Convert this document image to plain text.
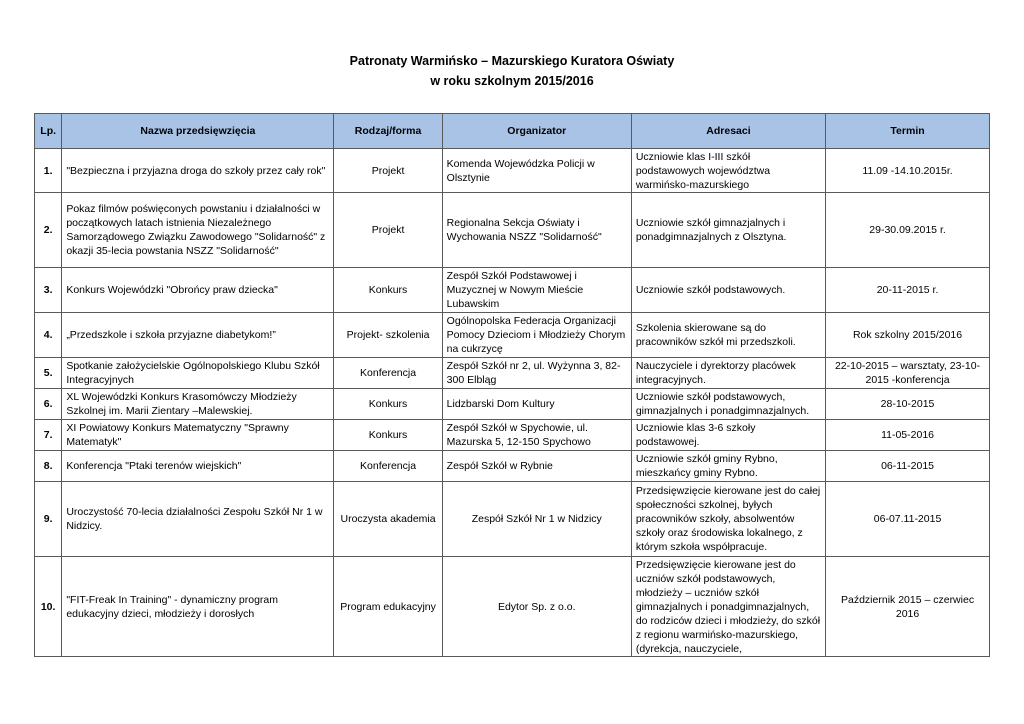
Patronaty Warmińsko – Mazurskiego Kuratora Oświaty
w roku szkolnym 2015/2016
Lp.	Nazwa przedsięwzięcia	Rodzaj/forma	Organizator	Adresaci	Termin
1.	"Bezpieczna i przyjazna droga do szkoły przez cały rok"	Projekt	Komenda Wojewódzka Policji w Olsztynie	Uczniowie klas I-III szkół podstawowych województwa warmińsko-mazurskiego	11.09 -14.10.2015r.
2.	Pokaz filmów poświęconych powstaniu i działalności w początkowych latach istnienia Niezależnego Samorządowego Związku Zawodowego "Solidarność" z okazji 35-lecia powstania NSZZ "Solidarność"	Projekt	Regionalna Sekcja Oświaty i Wychowania NSZZ "Solidarność"	Uczniowie szkół gimnazjalnych i ponadgimnazjalnych z Olsztyna.	29-30.09.2015 r.
3.	Konkurs Wojewódzki "Obrońcy praw dziecka"	Konkurs	Zespół Szkół Podstawowej i Muzycznej w Nowym Mieście Lubawskim	Uczniowie szkół podstawowych.	20-11-2015 r.
4.	„Przedszkole i szkoła przyjazne diabetykom!”	Projekt- szkolenia	Ogólnopolska Federacja Organizacji Pomocy Dzieciom i Młodzieży Chorym na cukrzycę	Szkolenia skierowane są do pracowników szkół mi przedszkoli.	Rok szkolny 2015/2016
5.	Spotkanie założycielskie Ogólnopolskiego Klubu Szkół Integracyjnych	Konferencja	Zespół Szkół nr 2, ul. Wyżynna 3, 82-300 Elbląg	Nauczyciele i dyrektorzy placówek integracyjnych.	22-10-2015 – warsztaty, 23-10-2015 -konferencja
6.	XL Wojewódzki Konkurs Krasomówczy Młodzieży Szkolnej im. Marii Zientary –Malewskiej.	Konkurs	Lidzbarski Dom Kultury	Uczniowie szkół podstawowych, gimnazjalnych i ponadgimnazjalnych.	28-10-2015
7.	XI Powiatowy Konkurs Matematyczny "Sprawny Matematyk"	Konkurs	Zespół Szkół w Spychowie, ul. Mazurska 5, 12-150 Spychowo	Uczniowie klas 3-6 szkoły podstawowej.	11-05-2016
8.	Konferencja "Ptaki terenów wiejskich"	Konferencja	Zespół Szkół w Rybnie	Uczniowie szkół gminy Rybno, mieszkańcy gminy Rybno.	06-11-2015
9.	Uroczystość 70-lecia działalności Zespołu Szkół Nr 1 w Nidzicy.	Uroczysta akademia	Zespół Szkół Nr 1 w Nidzicy	Przedsięwzięcie kierowane jest do całej społeczności szkolnej, byłych pracowników szkoły, absolwentów szkoły oraz środowiska lokalnego, z którym szkoła współpracuje.	06-07.11-2015
10.	"FIT-Freak In Training" - dynamiczny program edukacyjny dzieci, młodzieży i dorosłych	Program edukacyjny	Edytor Sp. z o.o.	Przedsięwzięcie kierowane jest do uczniów szkół podstawowych, młodzieży – uczniów szkół gimnazjalnych i ponadgimnazjalnych, do rodziców dzieci i młodzieży, do szkół z regionu warmińsko-mazurskiego, (dyrekcja, nauczyciele,	Październik 2015 – czerwiec 2016
